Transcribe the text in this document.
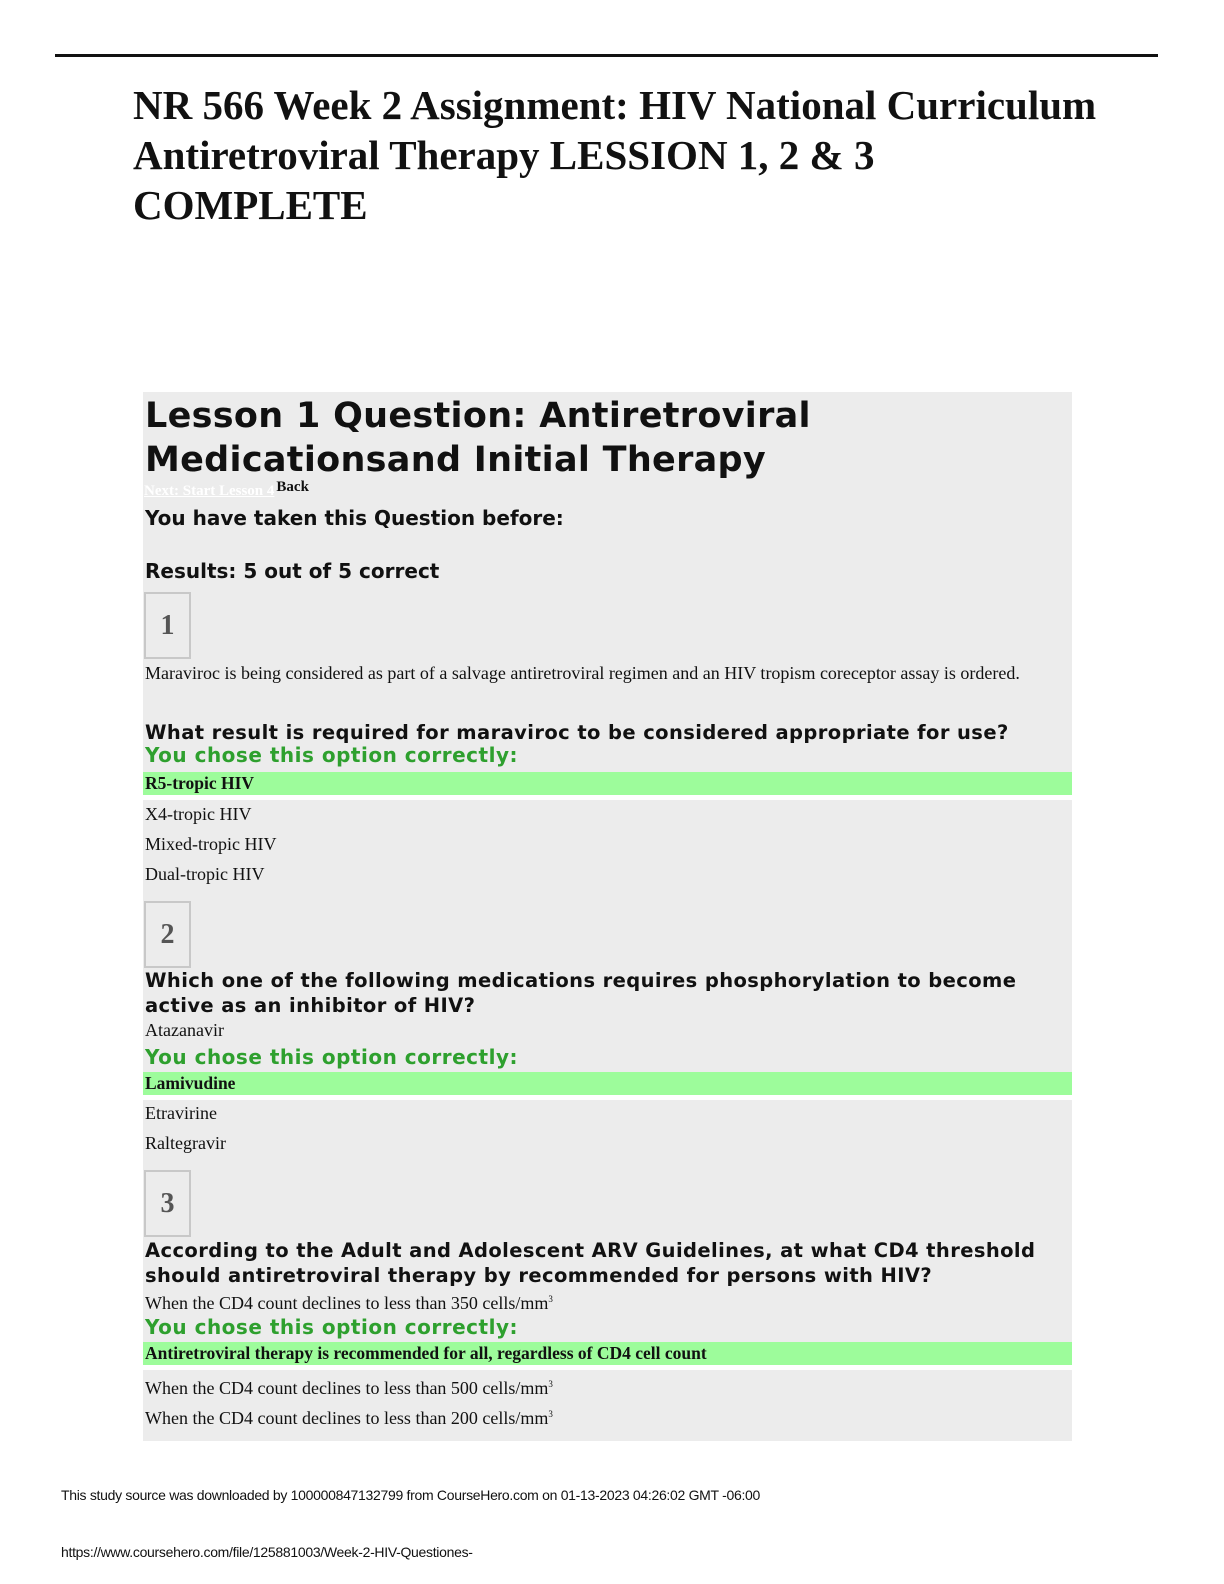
NR 566 Week 2 Assignment: HIV National Curriculum Antiretroviral Therapy LESSION 1, 2 & 3 COMPLETE
Lesson 1 Question: Antiretroviral Medicationsand Initial Therapy
Next: Start Lesson 4 Back
You have taken this Question before:
Results: 5 out of 5 correct
1
Maraviroc is being considered as part of a salvage antiretroviral regimen and an HIV tropism coreceptor assay is ordered.
What result is required for maraviroc to be considered appropriate for use?
You chose this option correctly:
R5-tropic HIV
X4-tropic HIV
Mixed-tropic HIV
Dual-tropic HIV
2
Which one of the following medications requires phosphorylation to become active as an inhibitor of HIV?
Atazanavir
You chose this option correctly:
Lamivudine
Etravirine
Raltegravir
3
According to the Adult and Adolescent ARV Guidelines, at what CD4 threshold should antiretroviral therapy by recommended for persons with HIV?
When the CD4 count declines to less than 350 cells/$mm^3$
You chose this option correctly:
Antiretroviral therapy is recommended for all, regardless of CD4 cell count
When the CD4 count declines to less than 500 cells/$mm^3$
When the CD4 count declines to less than 200 cells/$mm^3$
This study source was downloaded by 100000847132799 from CourseHero.com on 01-13-2023 04:26:02 GMT -06:00
https://www.coursehero.com/file/125881003/Week-2-HIV-Questiones-
